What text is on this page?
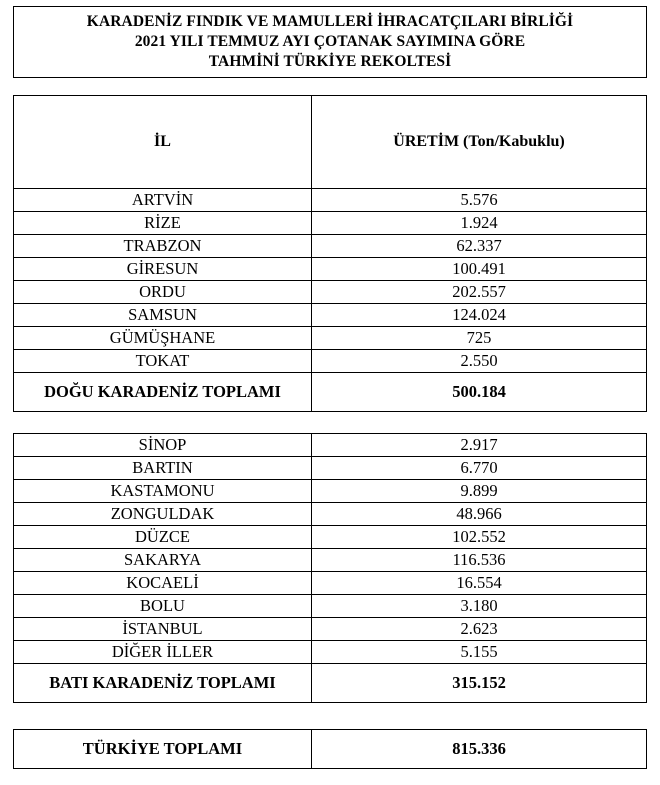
KARADENİZ FINDIK VE MAMULLERİ İHRACATÇILARI BİRLİĞİ
2021 YILI TEMMUZ AYI ÇOTANAK SAYIMINA GÖRE
TAHMİNİ TÜRKİYE REKOLTESİ
İL	ÜRETİM (Ton/Kabuklu)
ARTVİN	5.576
RİZE	1.924
TRABZON	62.337
GİRESUN	100.491
ORDU	202.557
SAMSUN	124.024
GÜMÜŞHANE	725
TOKAT	2.550
DOĞU KARADENİZ TOPLAMI	500.184
SİNOP	2.917
BARTIN	6.770
KASTAMONU	9.899
ZONGULDAK	48.966
DÜZCE	102.552
SAKARYA	116.536
KOCAELİ	16.554
BOLU	3.180
İSTANBUL	2.623
DİĞER İLLER	5.155
BATI KARADENİZ TOPLAMI	315.152
TÜRKİYE TOPLAMI	815.336
